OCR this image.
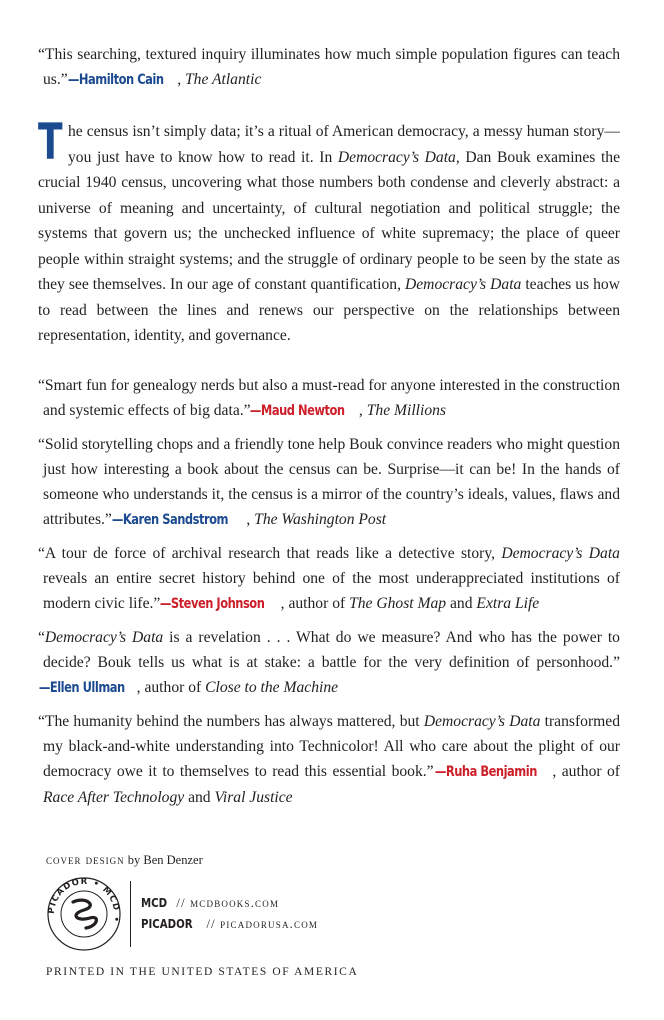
“This searching, textured inquiry illuminates how much simple population figures can teach us.” —Hamilton Cain , The Atlantic

The census isn’t simply data; it’s a ritual of American democracy, a messy human story—you just have to know how to read it. In Democracy’s Data, Dan Bouk examines the crucial 1940 census, uncovering what those numbers both condense and cleverly abstract: a universe of meaning and uncertainty, of cultural negotiation and political struggle; the systems that govern us; the unchecked influence of white supremacy; the place of queer people within straight systems; and the struggle of ordinary people to be seen by the state as they see themselves. In our age of constant quantification, Democracy’s Data teaches us how to read between the lines and renews our perspective on the relationships between representation, identity, and governance.

“Smart fun for genealogy nerds but also a must-read for anyone interested in the construction and systemic effects of big data.” —Maud Newton , The Millions

“Solid storytelling chops and a friendly tone help Bouk convince readers who might question just how interesting a book about the census can be. Surprise—it can be! In the hands of someone who understands it, the census is a mirror of the country’s ideals, values, flaws and attributes.” —Karen Sandstrom , The Washington Post

“A tour de force of archival research that reads like a detective story, Democracy’s Data reveals an entire secret history behind one of the most underappreciated institutions of modern civic life.” —Steven Johnson , author of The Ghost Map and Extra Life

“Democracy’s Data is a revelation . . . What do we measure? And who has the power to decide? Bouk tells us what is at stake: a battle for the very definition of personhood.” —Ellen Ullman , author of Close to the Machine

“The humanity behind the numbers has always mattered, but Democracy’s Data transformed my black-and-white understanding into Technicolor! All who care about the plight of our democracy owe it to themselves to read this essential book.” —Ruha Benjamin , author of Race After Technology and Viral Justice

cover design by Ben Denzer

PICADOR • MCD •
MCD // mcdbooks.com
PICADOR // picadorusa.com
PRINTED IN THE UNITED STATES OF AMERICA
